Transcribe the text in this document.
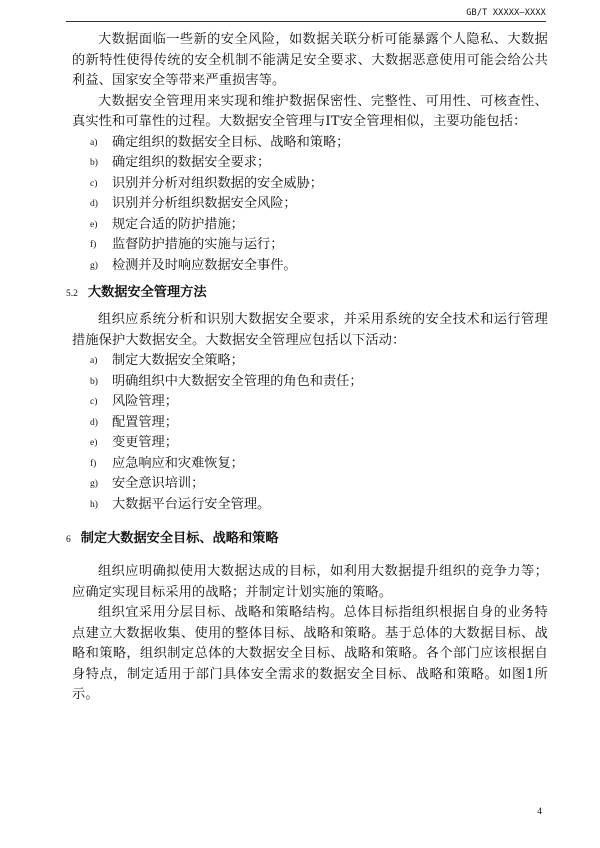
GB/T XXXXX—XXXX

大数据面临一些新的安全风险，如数据关联分析可能暴露个人隐私、大数据的新特性使得传统的安全机制不能满足安全要求、大数据恶意使用可能会给公共利益、国家安全等带来严重损害等。

大数据安全管理用来实现和维护数据保密性、完整性、可用性、可核查性、真实性和可靠性的过程。大数据安全管理与IT安全管理相似，主要功能包括：

a) 确定组织的数据安全目标、战略和策略；
b) 确定组织的数据安全要求；
c) 识别并分析对组织数据的安全威胁；
d) 识别并分析组织数据安全风险；
e) 规定合适的防护措施；
f) 监督防护措施的实施与运行；
g) 检测并及时响应数据安全事件。
5.2 大数据安全管理方法

组织应系统分析和识别大数据安全要求，并采用系统的安全技术和运行管理措施保护大数据安全。大数据安全管理应包括以下活动：

a) 制定大数据安全策略；
b) 明确组织中大数据安全管理的角色和责任；
c) 风险管理；
d) 配置管理；
e) 变更管理；
f) 应急响应和灾难恢复；
g) 安全意识培训；
h) 大数据平台运行安全管理。
6 制定大数据安全目标、战略和策略

组织应明确拟使用大数据达成的目标，如利用大数据提升组织的竞争力等；应确定实现目标采用的战略；并制定计划实施的策略。

组织宜采用分层目标、战略和策略结构。总体目标指组织根据自身的业务特点建立大数据收集、使用的整体目标、战略和策略。基于总体的大数据目标、战略和策略，组织制定总体的大数据安全目标、战略和策略。各个部门应该根据自身特点，制定适用于部门具体安全需求的数据安全目标、战略和策略。如图1所示。

4
